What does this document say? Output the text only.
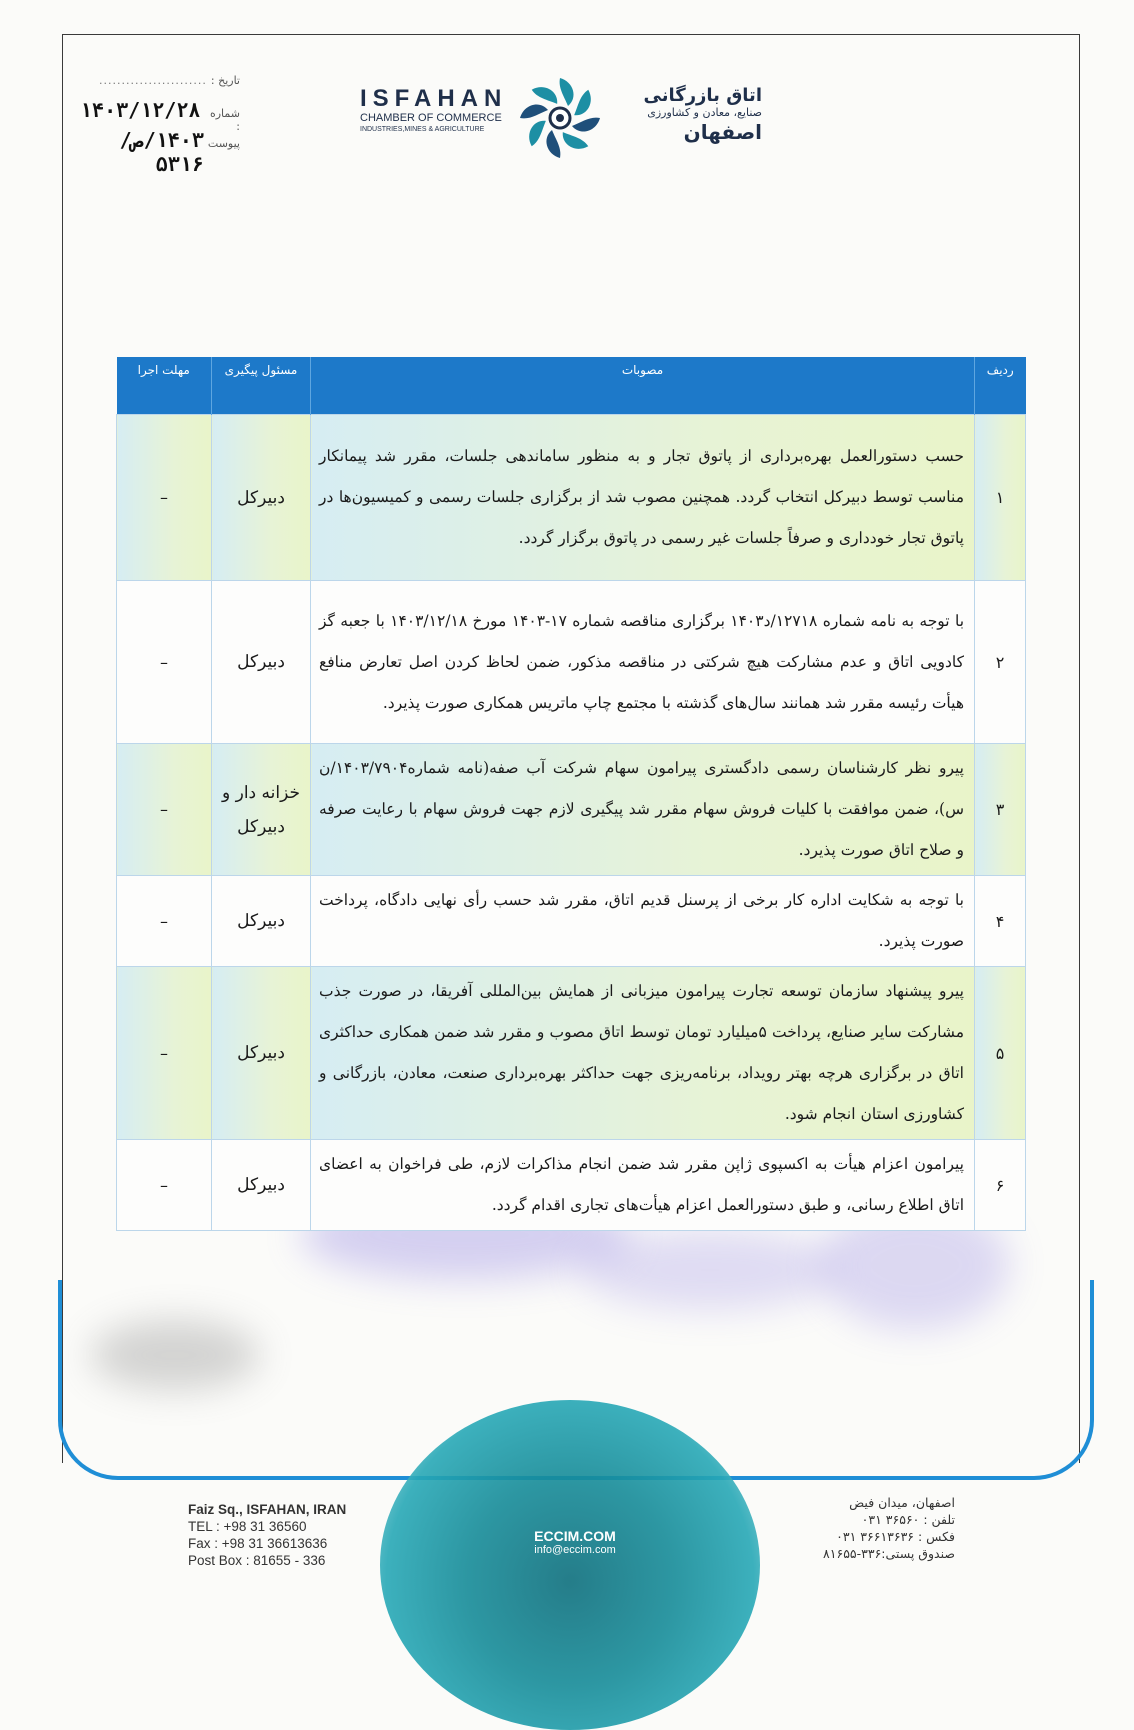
تاریخ :
........................
شماره :
۱۴۰۳/۱۲/۲۸
پیوست
۱۴۰۳/ص/۵۳۱۶
ISFAHAN
CHAMBER OF COMMERCE
INDUSTRIES,MINES & AGRICULTURE
اتاق بازرگانی
صنایع، معادن و کشاورزی
اصفهان
ردیف	مصوبات	مسئول پیگیری	مهلت اجرا
۱	حسب دستورالعمل بهره‌برداری از پاتوق تجار و به منظور ساماندهی جلسات، مقرر شد پیمانکار مناسب توسط دبیرکل انتخاب گردد. همچنین مصوب شد از برگزاری جلسات رسمی و کمیسیون‌ها در پاتوق تجار خودداری و صرفاً جلسات غیر رسمی در پاتوق برگزار گردد.	دبیرکل	–
۲	با توجه به نامه شماره ۱۲۷۱۸/د۱۴۰۳ برگزاری مناقصه شماره ۱۷-۱۴۰۳ مورخ ۱۴۰۳/۱۲/۱۸ با جعبه گز کادویی اتاق و عدم مشارکت هیچ شرکتی در مناقصه مذکور، ضمن لحاظ کردن اصل تعارض منافع هیأت رئیسه مقرر شد همانند سال‌های گذشته با مجتمع چاپ ماتریس همکاری صورت پذیرد.	دبیرکل	–
۳	پیرو نظر کارشناسان رسمی دادگستری پیرامون سهام شرکت آب صفه(نامه شماره۱۴۰۳/۷۹۰۴/ن س)، ضمن موافقت با کلیات فروش سهام مقرر شد پیگیری لازم جهت فروش سهام با رعایت صرفه و صلاح اتاق صورت پذیرد.	خزانه دار و دبیرکل	–
۴	با توجه به شکایت اداره کار برخی از پرسنل قدیم اتاق، مقرر شد حسب رأی نهایی دادگاه، پرداخت صورت پذیرد.	دبیرکل	–
۵	پیرو پیشنهاد سازمان توسعه تجارت پیرامون میزبانی از همایش بین‌المللی آفریقا، در صورت جذب مشارکت سایر صنایع، پرداخت ۵میلیارد تومان توسط اتاق مصوب و مقرر شد ضمن همکاری حداکثری اتاق در برگزاری هرچه بهتر رویداد، برنامه‌ریزی جهت حداکثر بهره‌برداری صنعت، معادن، بازرگانی و کشاورزی استان انجام شود.	دبیرکل	–
۶	پیرامون اعزام هیأت به اکسپوی ژاپن مقرر شد ضمن انجام مذاکرات لازم، طی فراخوان به اعضای اتاق اطلاع رسانی، و طبق دستورالعمل اعزام هیأت‌های تجاری اقدام گردد.	دبیرکل	–
Faiz Sq., ISFAHAN, IRAN
TEL : +98 31 36560
Fax : +98 31 36613636
Post Box : 81655 - 336
ECCIM.COM
info@eccim.com
اصفهان، میدان فیض
تلفن : ۳۶۵۶۰ ۰۳۱
فکس : ۳۶۶۱۳۶۳۶ ۰۳۱
صندوق پستی:۳۳۶-۸۱۶۵۵
